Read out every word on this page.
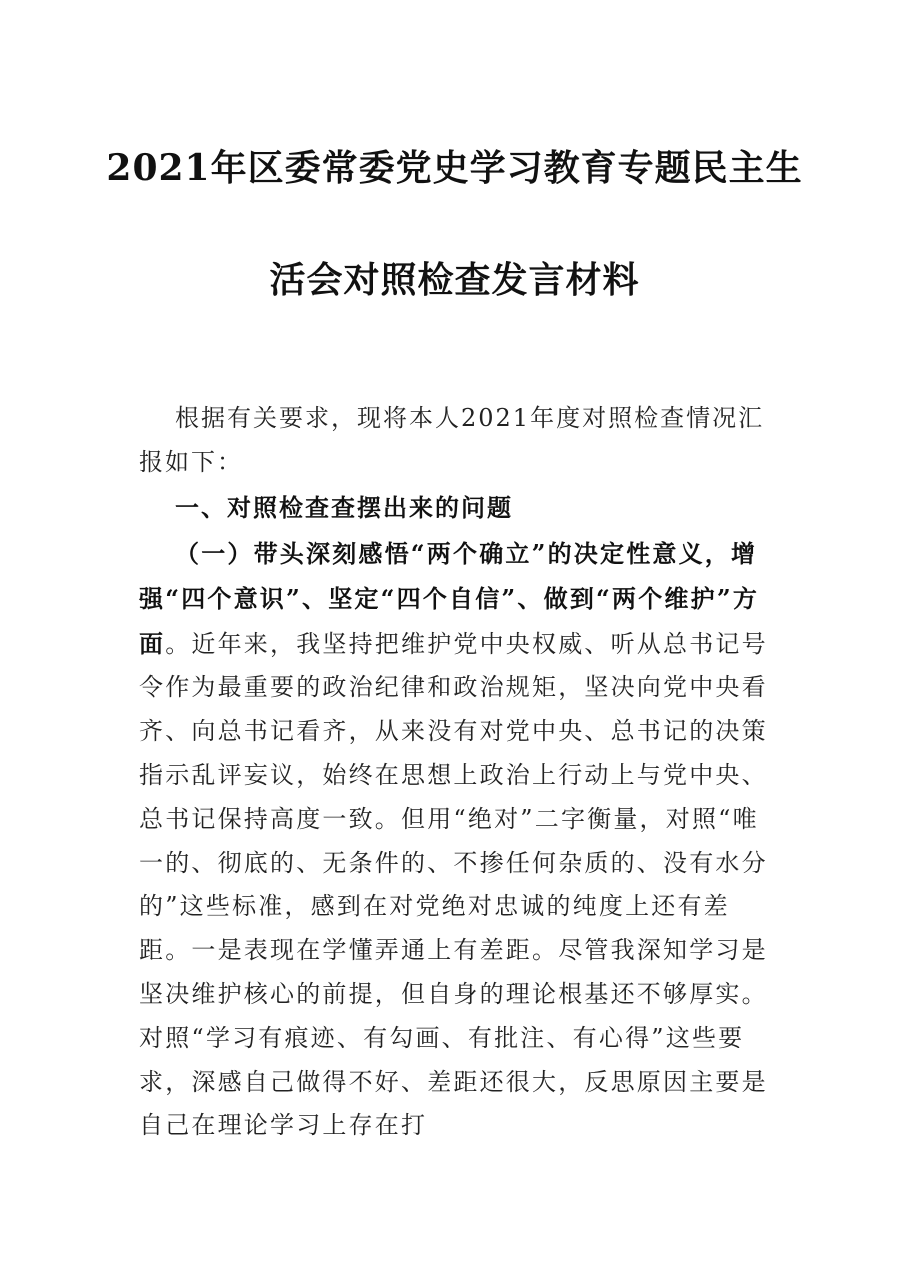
2021年区委常委党史学习教育专题民主生
活会对照检查发言材料

根据有关要求，现将本人2021年度对照检查情况汇报如下：

一、对照检查查摆出来的问题

（一）带头深刻感悟“两个确立”的决定性意义，增强“四个意识”、坚定“四个自信”、做到“两个维护”方面。近年来，我坚持把维护党中央权威、听从总书记号令作为最重要的政治纪律和政治规矩，坚决向党中央看齐、向总书记看齐，从来没有对党中央、总书记的决策指示乱评妄议，始终在思想上政治上行动上与党中央、总书记保持高度一致。但用“绝对”二字衡量，对照“唯一的、彻底的、无条件的、不掺任何杂质的、没有水分的”这些标准，感到在对党绝对忠诚的纯度上还有差距。一是表现在学懂弄通上有差距。尽管我深知学习是坚决维护核心的前提，但自身的理论根基还不够厚实。对照“学习有痕迹、有勾画、有批注、有心得”这些要求，深感自己做得不好、差距还很大，反思原因主要是自己在理论学习上存在打
